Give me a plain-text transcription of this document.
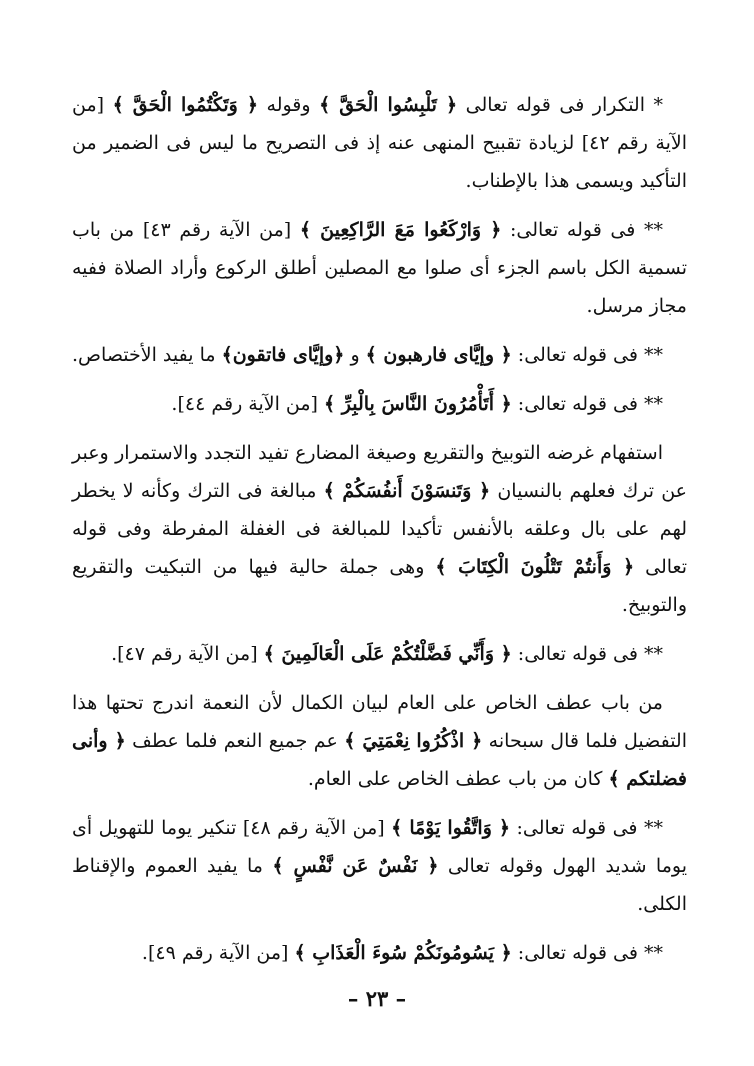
* التكرار فى قوله تعالى ﴿ تَلْبِسُوا الْحَقَّ ﴾ وقوله ﴿ وَتَكْتُمُوا الْحَقَّ ﴾ [من الآية رقم ٤٢] لزيادة تقبيح المنهى عنه إذ فى التصريح ما ليس فى الضمير من التأكيد ويسمى هذا بالإطناب.

** فى قوله تعالى: ﴿ وَارْكَعُوا مَعَ الرَّاكِعِينَ ﴾ [من الآية رقم ٤٣] من باب تسمية الكل باسم الجزء أى صلوا مع المصلين أطلق الركوع وأراد الصلاة ففيه مجاز مرسل.

** فى قوله تعالى: ﴿ وإيَّاى فارهبون ﴾ و ﴿وإيَّاى فاتقون﴾ ما يفيد الأختصاص.

** فى قوله تعالى: ﴿ أَتَأْمُرُونَ النَّاسَ بِالْبِرِّ ﴾ [من الآية رقم ٤٤].

استفهام غرضه التوبيخ والتقريع وصيغة المضارع تفيد التجدد والاستمرار وعبر عن ترك فعلهم بالنسيان ﴿ وَتَنسَوْنَ أَنفُسَكُمْ ﴾ مبالغة فى الترك وكأنه لا يخطر لهم على بال وعلقه بالأنفس تأكيدا للمبالغة فى الغفلة المفرطة وفى قوله تعالى ﴿ وَأَنتُمْ تَتْلُونَ الْكِتَابَ ﴾ وهى جملة حالية فيها من التبكيت والتقريع والتوبيخ.

** فى قوله تعالى: ﴿ وَأَنِّي فَضَّلْتُكُمْ عَلَى الْعَالَمِينَ ﴾ [من الآية رقم ٤٧].

من باب عطف الخاص على العام لبيان الكمال لأن النعمة اندرج تحتها هذا التفضيل فلما قال سبحانه ﴿ اذْكُرُوا نِعْمَتِيَ ﴾ عم جميع النعم فلما عطف ﴿ وأنى فضلتكم ﴾ كان من باب عطف الخاص على العام.

** فى قوله تعالى: ﴿ وَاتَّقُوا يَوْمًا ﴾ [من الآية رقم ٤٨] تنكير يوما للتهويل أى يوما شديد الهول وقوله تعالى ﴿ نَفْسٌ عَن نَّفْسٍ ﴾ ما يفيد العموم والإقناط الكلى.

** فى قوله تعالى: ﴿ يَسُومُونَكُمْ سُوءَ الْعَذَابِ ﴾ [من الآية رقم ٤٩].

– ٢٣ –
